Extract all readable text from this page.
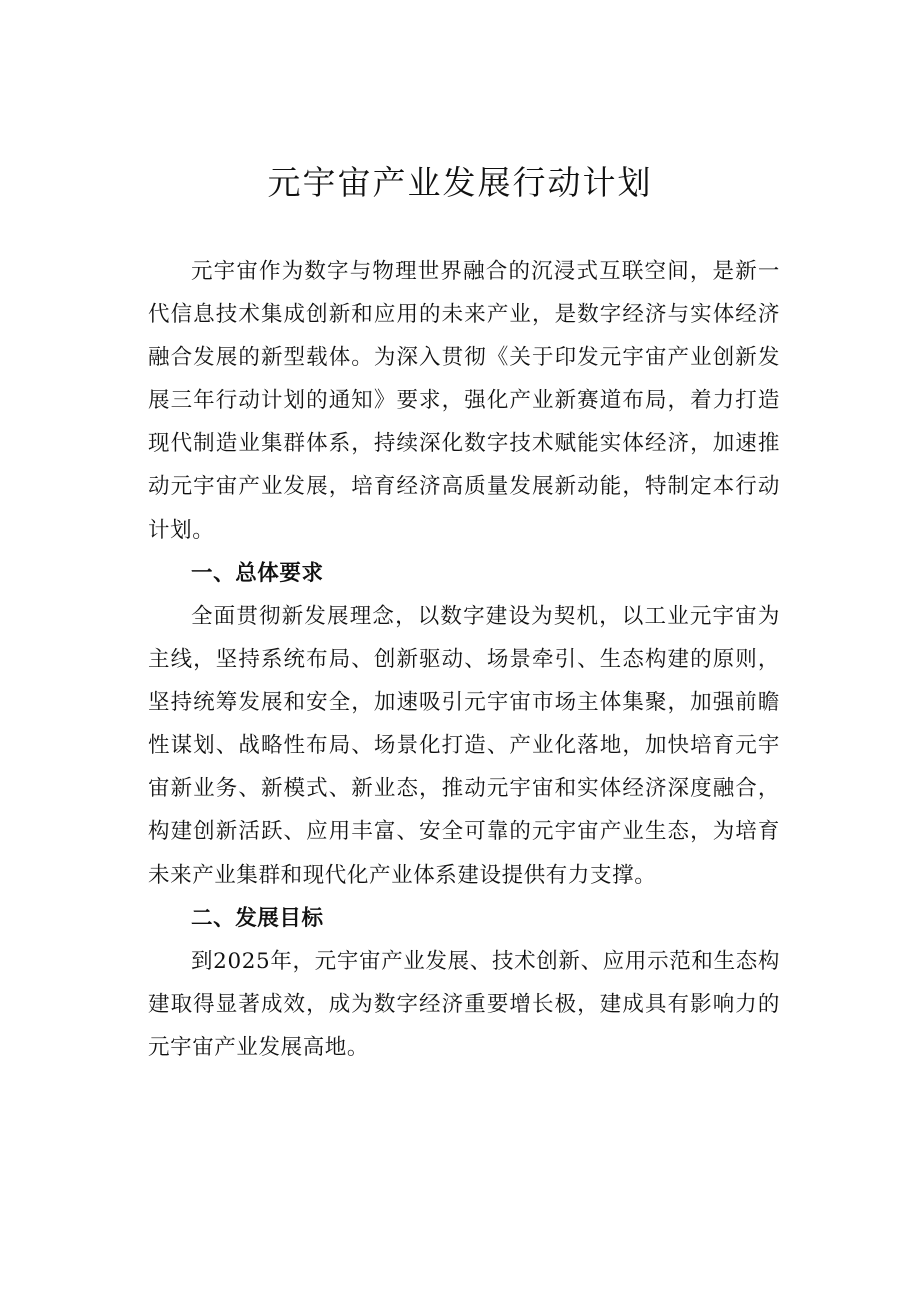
元宇宙产业发展行动计划

元宇宙作为数字与物理世界融合的沉浸式互联空间，是新一代信息技术集成创新和应用的未来产业，是数字经济与实体经济融合发展的新型载体。为深入贯彻《关于印发元宇宙产业创新发展三年行动计划的通知》要求，强化产业新赛道布局，着力打造现代制造业集群体系，持续深化数字技术赋能实体经济，加速推动元宇宙产业发展，培育经济高质量发展新动能，特制定本行动计划。

一、总体要求

全面贯彻新发展理念，以数字建设为契机，以工业元宇宙为主线，坚持系统布局、创新驱动、场景牵引、生态构建的原则，坚持统筹发展和安全，加速吸引元宇宙市场主体集聚，加强前瞻性谋划、战略性布局、场景化打造、产业化落地，加快培育元宇宙新业务、新模式、新业态，推动元宇宙和实体经济深度融合，构建创新活跃、应用丰富、安全可靠的元宇宙产业生态，为培育未来产业集群和现代化产业体系建设提供有力支撑。

二、发展目标

到2025年，元宇宙产业发展、技术创新、应用示范和生态构建取得显著成效，成为数字经济重要增长极，建成具有影响力的元宇宙产业发展高地。
